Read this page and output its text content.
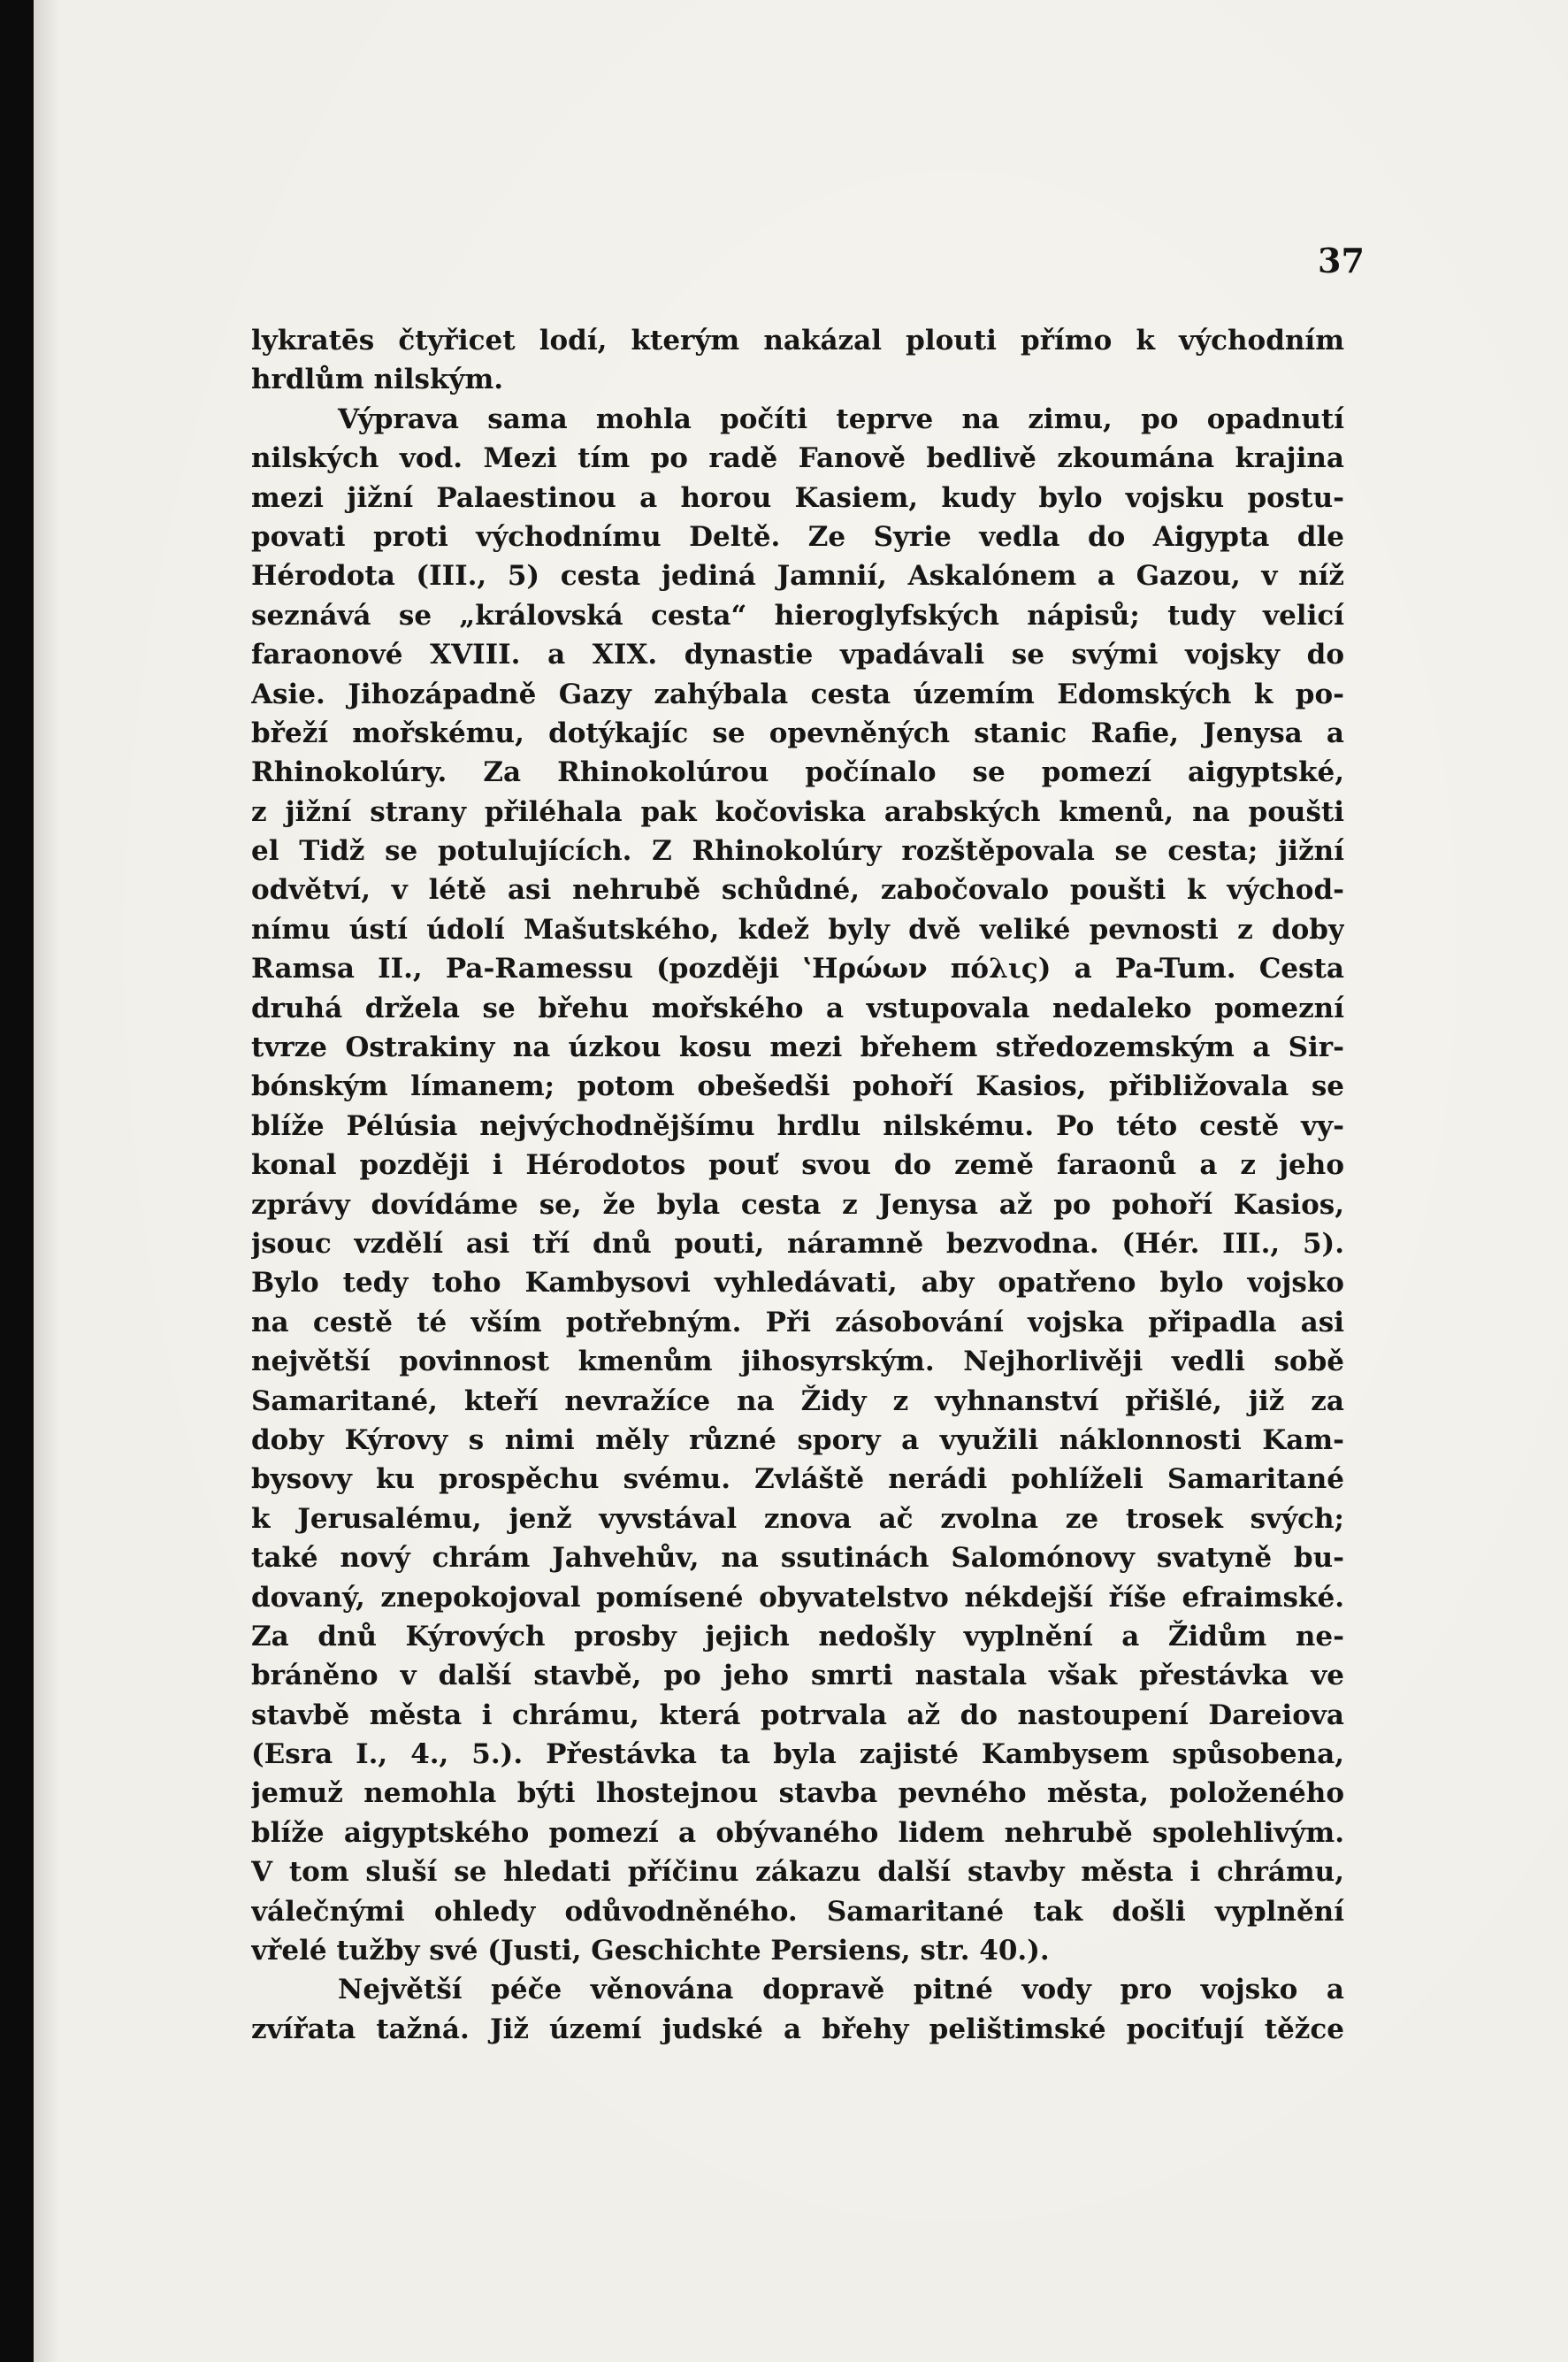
37
lykratēs čtyřicet lodí, kterým nakázal plouti přímo k východním
hrdlům nilským.
Výprava sama mohla počíti teprve na zimu, po opadnutí
nilských vod. Mezi tím po radě Fanově bedlivě zkoumána krajina
mezi jižní Palaestinou a horou Kasiem, kudy bylo vojsku postu-
povati proti východnímu Deltě. Ze Syrie vedla do Aigypta dle
Hérodota (III., 5) cesta jediná Jamnií, Askalónem a Gazou, v níž
seznává se „královská cesta“ hieroglyfských nápisů; tudy velicí
faraonové XVIII. a XIX. dynastie vpadávali se svými vojsky do
Asie. Jihozápadně Gazy zahýbala cesta územím Edomských k po-
břeží mořskému, dotýkajíc se opevněných stanic Rafie, Jenysa a
Rhinokolúry. Za Rhinokolúrou počínalo se pomezí aigyptské,
z jižní strany přiléhala pak kočoviska arabských kmenů, na poušti
el Tidž se potulujících. Z Rhinokolúry rozštěpovala se cesta; jižní
odvětví, v létě asi nehrubě schůdné, zabočovalo poušti k východ-
nímu ústí údolí Mašutského, kdež byly dvě veliké pevnosti z doby
Ramsa II., Pa-Ramessu (později ʽΗρώων πόλις) a Pa-Tum. Cesta
druhá držela se břehu mořského a vstupovala nedaleko pomezní
tvrze Ostrakiny na úzkou kosu mezi břehem středozemským a Sir-
bónským límanem; potom obešedši pohoří Kasios, přibližovala se
blíže Pélúsia nejvýchodnějšímu hrdlu nilskému. Po této cestě vy-
konal později i Hérodotos pouť svou do země faraonů a z jeho
zprávy dovídáme se, že byla cesta z Jenysa až po pohoří Kasios,
jsouc vzdělí asi tří dnů pouti, náramně bezvodna. (Hér. III., 5).
Bylo tedy toho Kambysovi vyhledávati, aby opatřeno bylo vojsko
na cestě té vším potřebným. Při zásobování vojska připadla asi
největší povinnost kmenům jihosyrským. Nejhorlivěji vedli sobě
Samaritané, kteří nevražíce na Židy z vyhnanství přišlé, již za
doby Kýrovy s nimi měly různé spory a využili náklonnosti Kam-
bysovy ku prospěchu svému. Zvláště nerádi pohlíželi Samaritané
k Jerusalému, jenž vyvstával znova ač zvolna ze trosek svých;
také nový chrám Jahvehův, na ssutinách Salomónovy svatyně bu-
dovaný, znepokojoval pomísené obyvatelstvo nékdejší říše efraimské.
Za dnů Kýrových prosby jejich nedošly vyplnění a Židům ne-
bráněno v další stavbě, po jeho smrti nastala však přestávka ve
stavbě města i chrámu, která potrvala až do nastoupení Dareiova
(Esra I., 4., 5.). Přestávka ta byla zajisté Kambysem spůsobena,
jemuž nemohla býti lhostejnou stavba pevného města, položeného
blíže aigyptského pomezí a obývaného lidem nehrubě spolehlivým.
V tom sluší se hledati příčinu zákazu další stavby města i chrámu,
válečnými ohledy odůvodněného. Samaritané tak došli vyplnění
vřelé tužby své (Justi, Geschichte Persiens, str. 40.).
Největší péče věnována dopravě pitné vody pro vojsko a
zvířata tažná. Již území judské a břehy pelištimské pociťují těžce
